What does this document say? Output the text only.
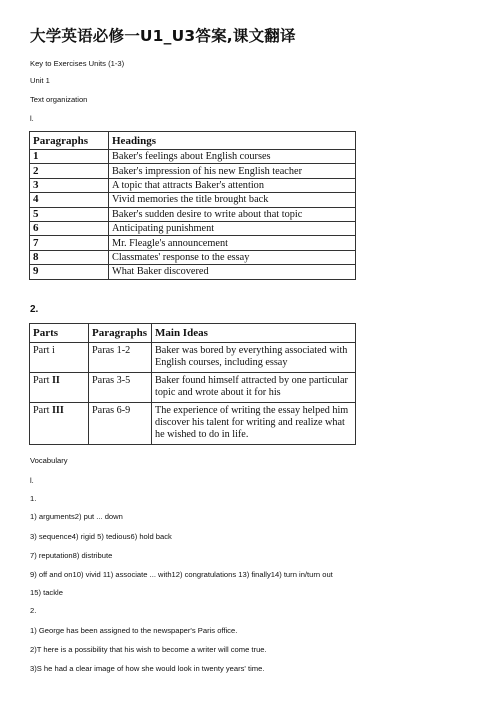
大学英语必修一U1_U3答案,课文翻译
Key to Exercises Units (1-3)
Unit 1
Text organization
l.
Paragraphs	Headings
1	Baker's feelings about English courses
2	Baker's impression of his new English teacher
3	A topic that attracts Baker's attention
4	Vivid memories the title brought back
5	Baker's sudden desire to write about that topic
6	Anticipating punishment
7	Mr. Fleagle's announcement
8	Classmates' response to the essay
9	What Baker discovered
2.
Parts	Paragraphs	Main Ideas
Part i	Paras 1-2	Baker was bored by everything associated with English courses, including essay
Part II	Paras 3-5	Baker found himself attracted by one particular topic and wrote about it for his
Part III	Paras 6-9	The experience of writing the essay helped him discover his talent for writing and realize what he wished to do in life.
Vocabulary
l.
1.
1) arguments2) put ... down
3) sequence4) rigid 5) tedious6) hold back
7) reputation8) distribute
9) off and on10) vivid 11) associate ... with12) congratulations 13) finally14) turn in/turn out
15) tackle
2.
1) George has been assigned to the newspaper's Paris office.
2)T here is a possibility that his wish to become a writer will come true.
3)S he had a clear image of how she would look in twenty years' time.
